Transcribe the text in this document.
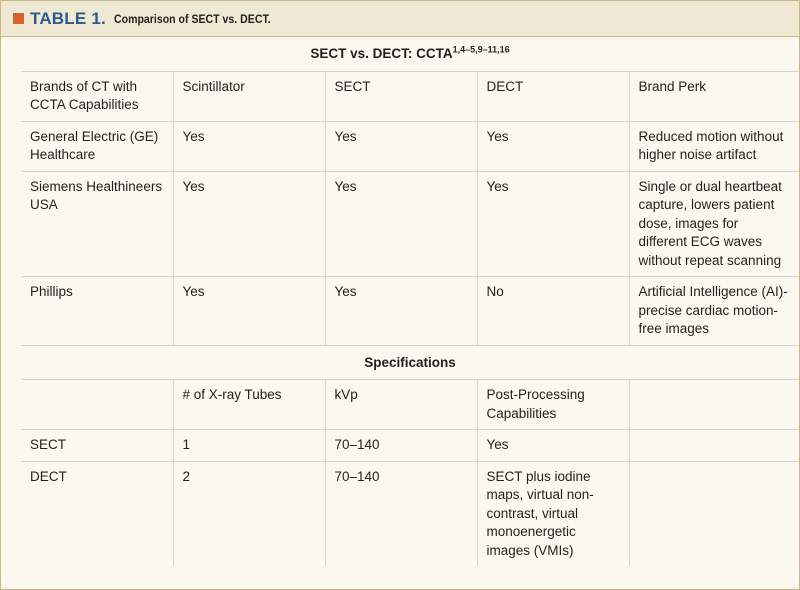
TABLE 1. Comparison of SECT vs. DECT.
SECT vs. DECT: CCTA$^{1,4-5,9-11,16}$
Brands of CT with CCTA Capabilities	Scintillator	SECT	DECT	Brand Perk
General Electric (GE) Healthcare	Yes	Yes	Yes	Reduced motion without higher noise artifact
Siemens Healthineers USA	Yes	Yes	Yes	Single or dual heartbeat capture, lowers patient dose, images for different ECG waves without repeat scanning
Phillips	Yes	Yes	No	Artificial Intelligence (AI)-precise cardiac motion-free images
Specifications				
	# of X-ray Tubes	kVp	Post-Processing Capabilities	
SECT	1	70–140	Yes	
DECT	2	70–140	SECT plus iodine maps, virtual non-contrast, virtual monoenergetic images (VMIs)	
